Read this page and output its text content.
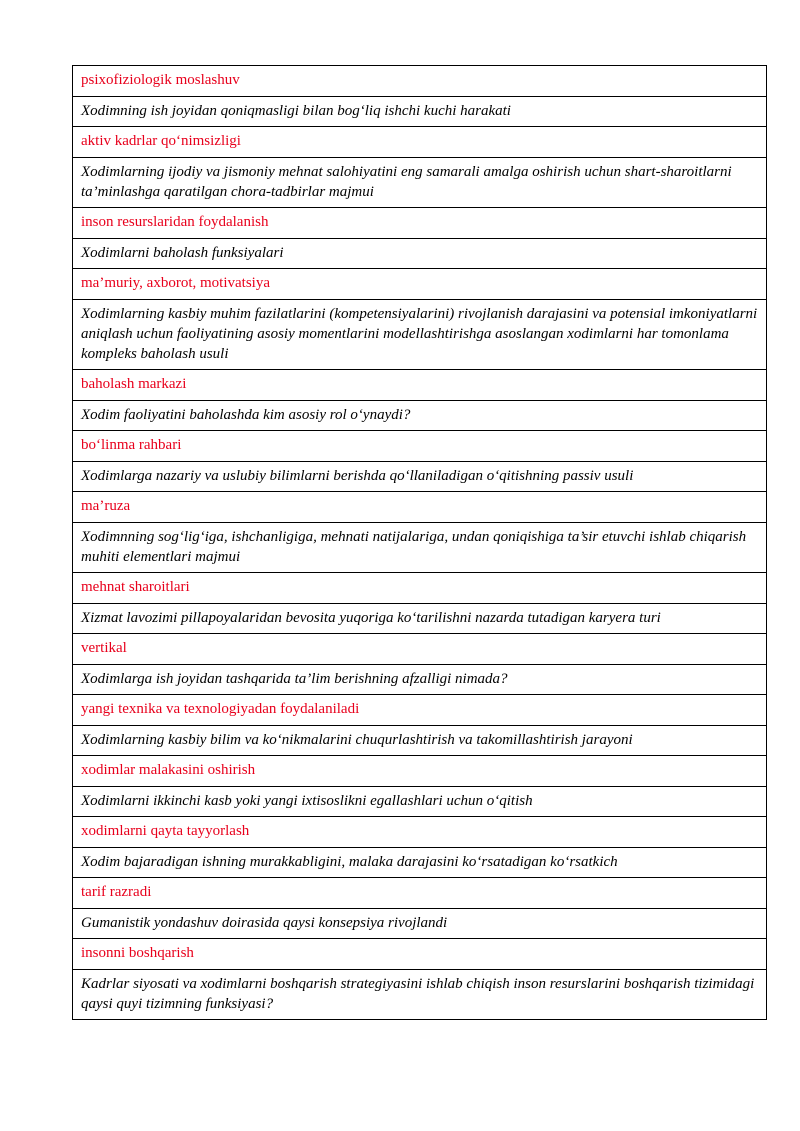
psixofiziologik moslashuv
Xodimning ish joyidan qoniqmasligi bilan bog‘liq ishchi kuchi harakati
aktiv kadrlar qo‘nimsizligi
Xodimlarning ijodiy va jismoniy mehnat salohiyatini eng samarali amalga oshirish uchun shart-sharoitlarni ta’minlashga qaratilgan chora-tadbirlar majmui
inson resurslaridan foydalanish
Xodimlarni baholash funksiyalari
ma’muriy, axborot, motivatsiya
Xodimlarning kasbiy muhim fazilatlarini (kompetensiyalarini) rivojlanish darajasini va potensial imkoniyatlarni aniqlash uchun faoliyatining asosiy momentlarini modellashtirishga asoslangan xodimlarni har tomonlama kompleks baholash usuli
baholash markazi
Xodim faoliyatini baholashda kim asosiy rol o‘ynaydi?
bo‘linma rahbari
Xodimlarga nazariy va uslubiy bilimlarni berishda qo‘llaniladigan o‘qitishning passiv usuli
ma’ruza
Xodimnning sog‘lig‘iga, ishchanligiga, mehnati natijalariga, undan qoniqishiga ta’sir etuvchi ishlab chiqarish muhiti elementlari majmui
mehnat sharoitlari
Xizmat lavozimi pillapoyalaridan bevosita yuqoriga ko‘tarilishni nazarda tutadigan karyera turi
vertikal
Xodimlarga ish joyidan tashqarida ta’lim berishning afzalligi nimada?
yangi texnika va texnologiyadan foydalaniladi
Xodimlarning kasbiy bilim va ko‘nikmalarini chuqurlashtirish va takomillashtirish jarayoni
xodimlar malakasini oshirish
Xodimlarni ikkinchi kasb yoki yangi ixtisoslikni egallashlari uchun o‘qitish
xodimlarni qayta tayyorlash
Xodim bajaradigan ishning murakkabligini, malaka darajasini ko‘rsatadigan ko‘rsatkich
tarif razradi
Gumanistik yondashuv doirasida qaysi konsepsiya rivojlandi
insonni boshqarish
Kadrlar siyosati va xodimlarni boshqarish strategiyasini ishlab chiqish inson resurslarini boshqarish tizimidagi qaysi quyi tizimning funksiyasi?
